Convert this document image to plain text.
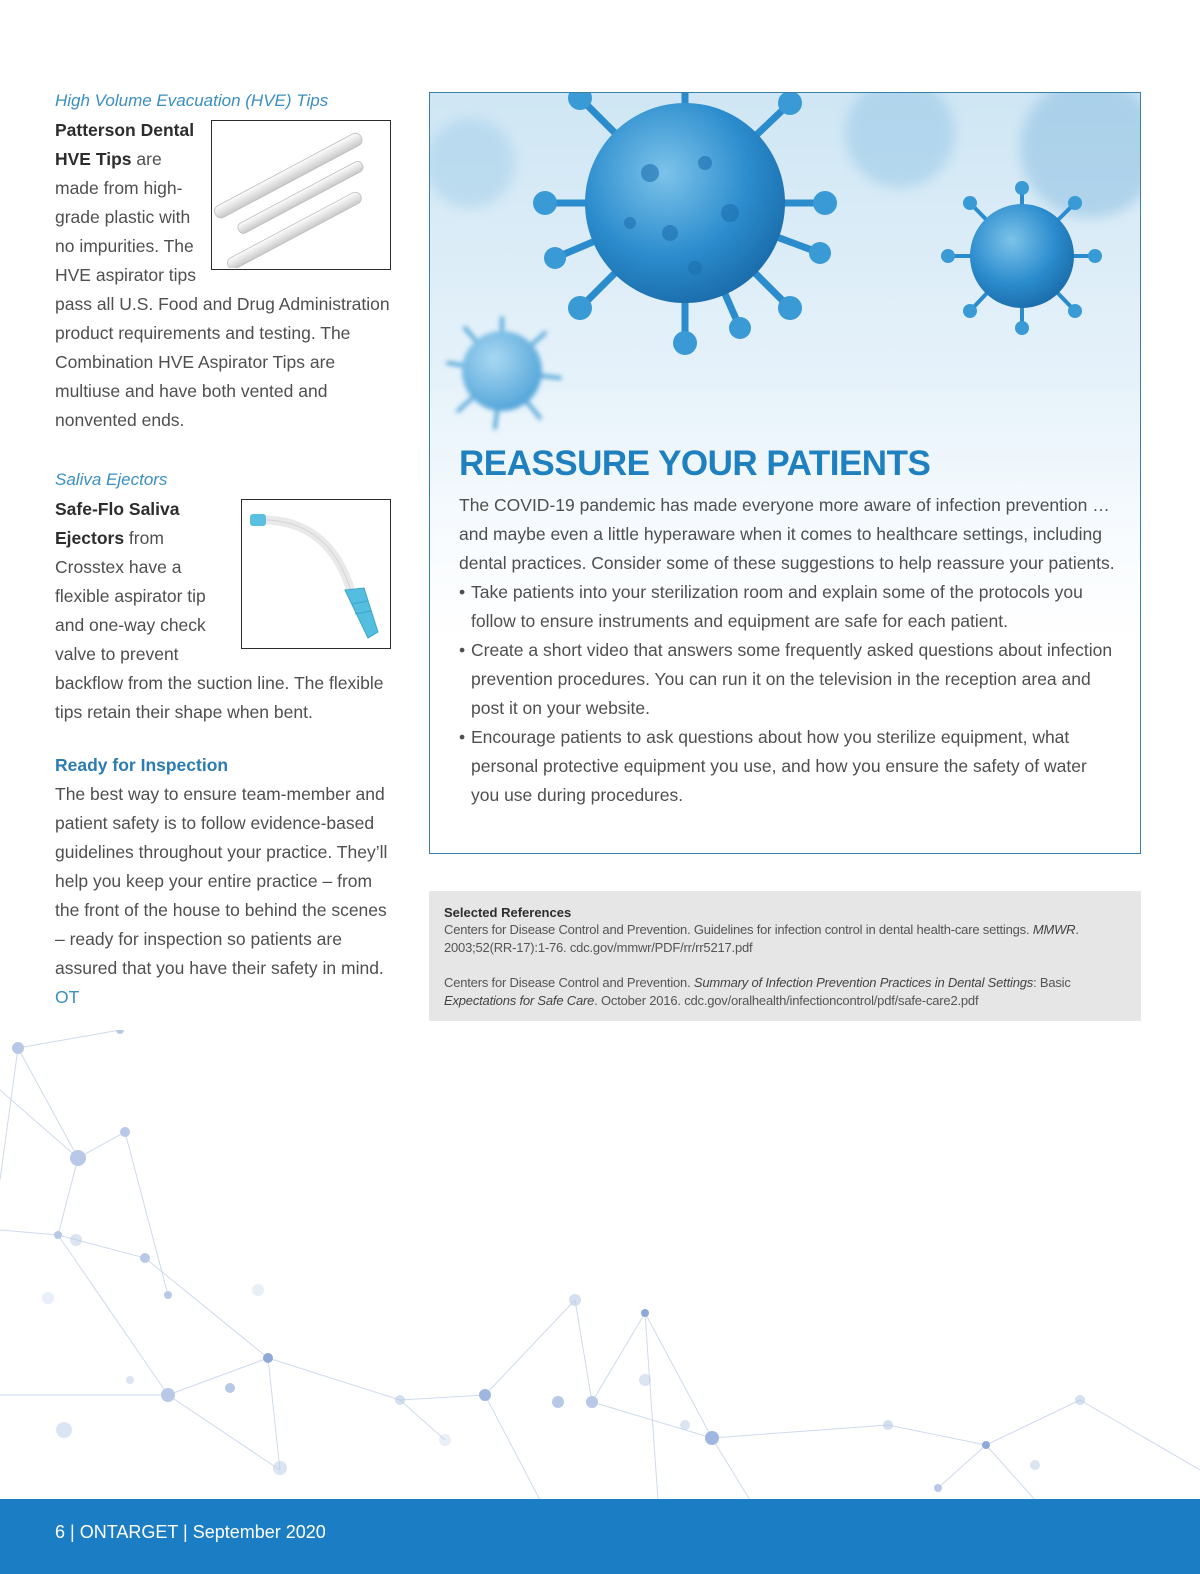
High Volume Evacuation (HVE) Tips

Patterson Dental HVE Tips are made from high-grade plastic with no impurities. The HVE aspirator tips pass all U.S. Food and Drug Administration product requirements and testing. The Combination HVE Aspirator Tips are multiuse and have both vented and nonvented ends.

Saliva Ejectors

Safe-Flo Saliva Ejectors from Crosstex have a flexible aspirator tip and one-way check valve to prevent backflow from the suction line. The flexible tips retain their shape when bent.

Ready for Inspection

The best way to ensure team-member and patient safety is to follow evidence-based guidelines throughout your practice. They’ll help you keep your entire practice – from the front of the house to behind the scenes – ready for inspection so patients are assured that you have their safety in mind. OT

REASSURE YOUR PATIENTS

The COVID-19 pandemic has made everyone more aware of infection prevention … and maybe even a little hyperaware when it comes to healthcare settings, including dental practices. Consider some of these suggestions to help reassure your patients.

• Take patients into your sterilization room and explain some of the protocols you follow to ensure instruments and equipment are safe for each patient.
• Create a short video that answers some frequently asked questions about infection prevention procedures. You can run it on the television in the reception area and post it on your website.
• Encourage patients to ask questions about how you sterilize equipment, what personal protective equipment you use, and how you ensure the safety of water you use during procedures.

Selected References

Centers for Disease Control and Prevention. Guidelines for infection control in dental health-care settings. MMWR. 2003;52(RR-17):1-76. cdc.gov/mmwr/PDF/rr/rr5217.pdf

Centers for Disease Control and Prevention. Summary of Infection Prevention Practices in Dental Settings: Basic Expectations for Safe Care. October 2016. cdc.gov/oralhealth/infectioncontrol/pdf/safe-care2.pdf

6 | ONTARGET | September 2020
